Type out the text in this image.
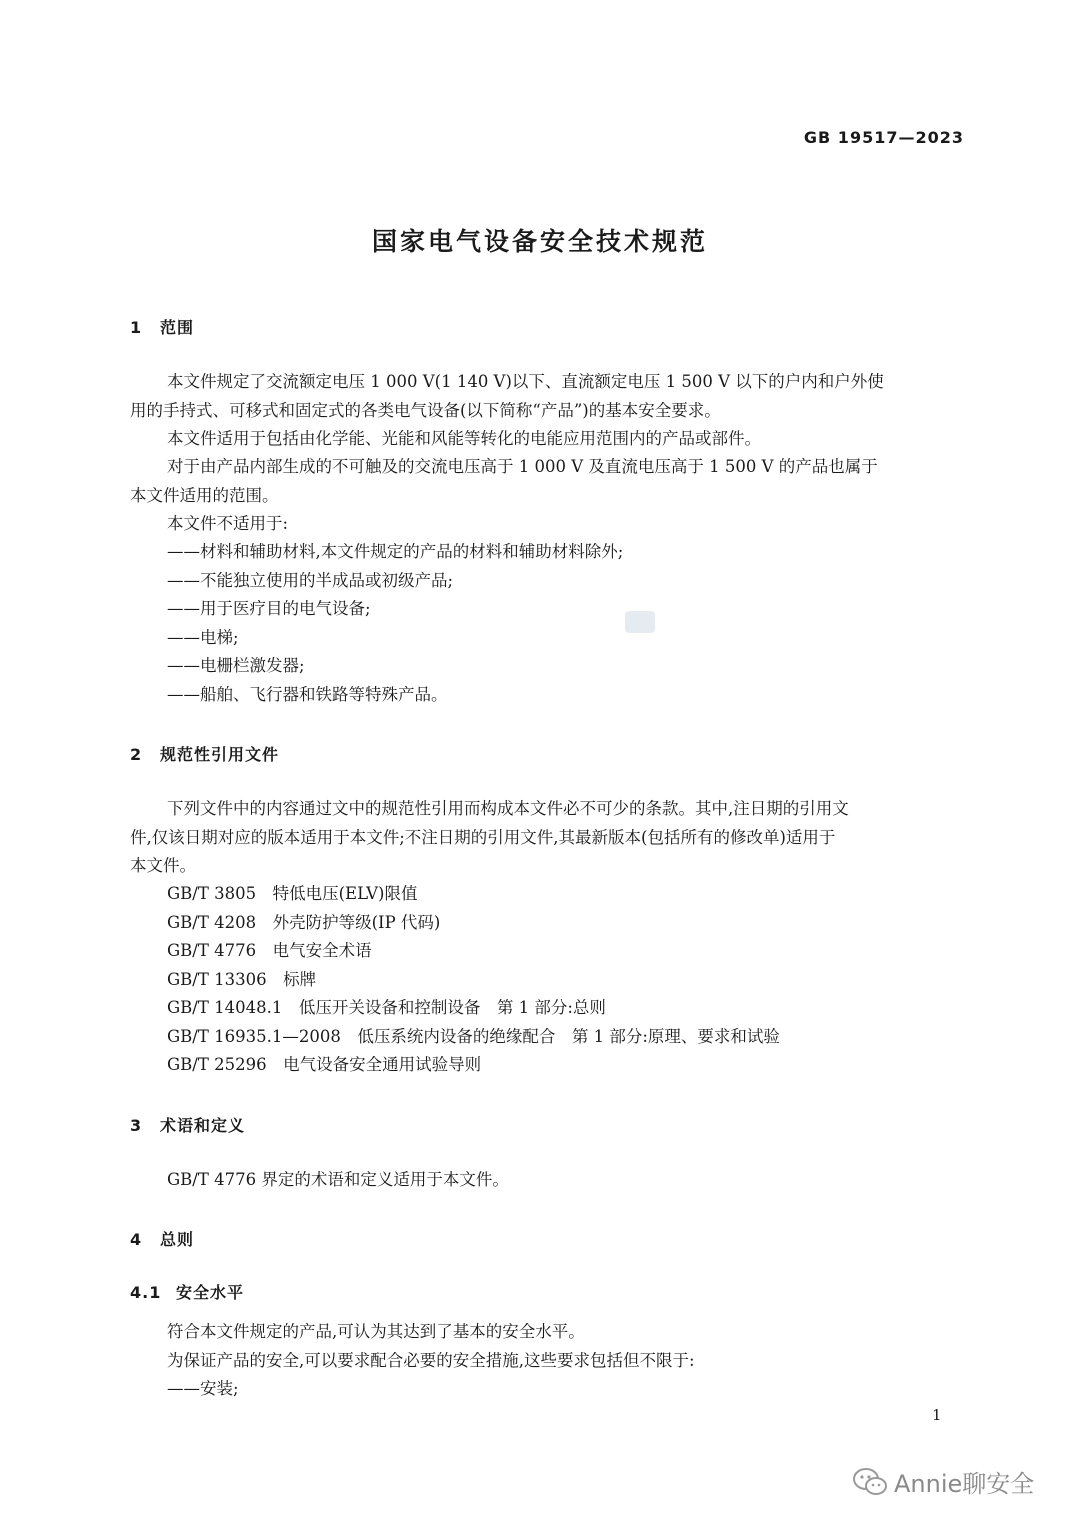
GB 19517—2023
国家电气设备安全技术规范
1 范围
本文件规定了交流额定电压 1 000 V(1 140 V)以下、直流额定电压 1 500 V 以下的户内和户外使
用的手持式、可移式和固定式的各类电气设备(以下简称“产品”)的基本安全要求。
本文件适用于包括由化学能、光能和风能等转化的电能应用范围内的产品或部件。
对于由产品内部生成的不可触及的交流电压高于 1 000 V 及直流电压高于 1 500 V 的产品也属于
本文件适用的范围。
本文件不适用于:
——材料和辅助材料,本文件规定的产品的材料和辅助材料除外;
——不能独立使用的半成品或初级产品;
——用于医疗目的电气设备;
——电梯;
——电栅栏激发器;
——船舶、飞行器和铁路等特殊产品。
2 规范性引用文件
下列文件中的内容通过文中的规范性引用而构成本文件必不可少的条款。其中,注日期的引用文
件,仅该日期对应的版本适用于本文件;不注日期的引用文件,其最新版本(包括所有的修改单)适用于
本文件。
GB/T 3805　 特低电压(ELV)限值
GB/T 4208　 外壳防护等级(IP 代码)
GB/T 4776　 电气安全术语
GB/T 13306　 标牌
GB/T 14048.1　 低压开关设备和控制设备　第 1 部分:总则
GB/T 16935.1—2008　 低压系统内设备的绝缘配合　第 1 部分:原理、要求和试验
GB/T 25296　 电气设备安全通用试验导则
3 术语和定义
GB/T 4776 界定的术语和定义适用于本文件。
4 总则
4.1 安全水平
符合本文件规定的产品,可认为其达到了基本的安全水平。
为保证产品的安全,可以要求配合必要的安全措施,这些要求包括但不限于:
——安装;
1
Annie聊安全
